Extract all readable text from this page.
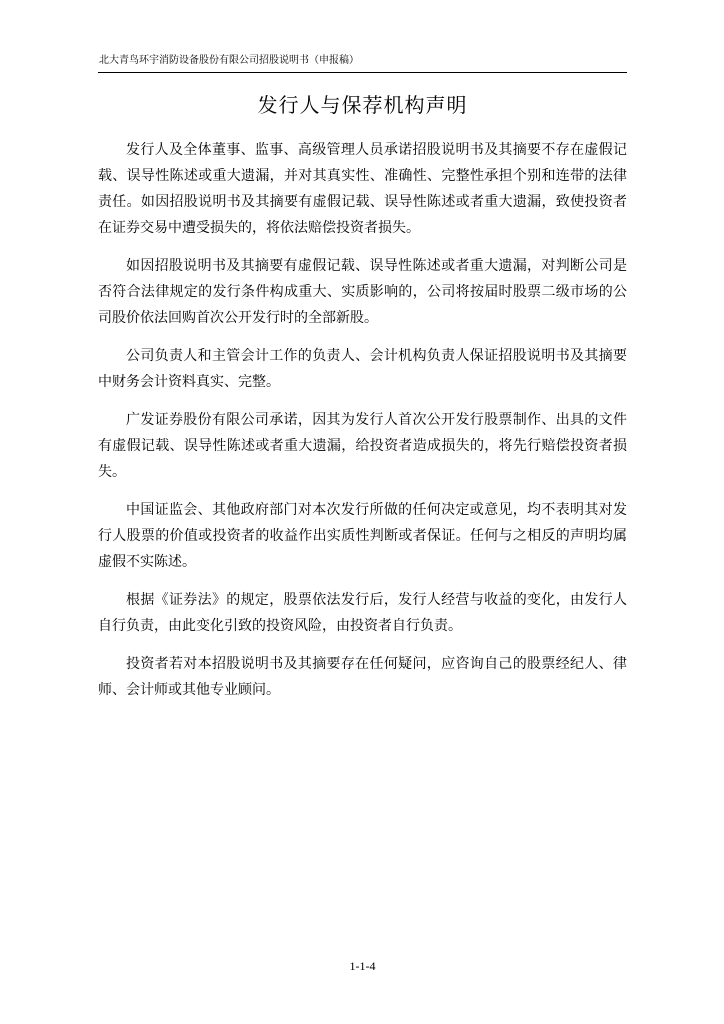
北大青鸟环宇消防设备股份有限公司招股说明书（申报稿）
发行人与保荐机构声明

发行人及全体董事、监事、高级管理人员承诺招股说明书及其摘要不存在虚假记载、误导性陈述或重大遗漏，并对其真实性、准确性、完整性承担个别和连带的法律责任。如因招股说明书及其摘要有虚假记载、误导性陈述或者重大遗漏，致使投资者在证券交易中遭受损失的，将依法赔偿投资者损失。

如因招股说明书及其摘要有虚假记载、误导性陈述或者重大遗漏，对判断公司是否符合法律规定的发行条件构成重大、实质影响的，公司将按届时股票二级市场的公司股价依法回购首次公开发行时的全部新股。

公司负责人和主管会计工作的负责人、会计机构负责人保证招股说明书及其摘要中财务会计资料真实、完整。

广发证券股份有限公司承诺，因其为发行人首次公开发行股票制作、出具的文件有虚假记载、误导性陈述或者重大遗漏，给投资者造成损失的，将先行赔偿投资者损失。

中国证监会、其他政府部门对本次发行所做的任何决定或意见，均不表明其对发行人股票的价值或投资者的收益作出实质性判断或者保证。任何与之相反的声明均属虚假不实陈述。

根据《证券法》的规定，股票依法发行后，发行人经营与收益的变化，由发行人自行负责，由此变化引致的投资风险，由投资者自行负责。

投资者若对本招股说明书及其摘要存在任何疑问，应咨询自己的股票经纪人、律师、会计师或其他专业顾问。

1-1-4
